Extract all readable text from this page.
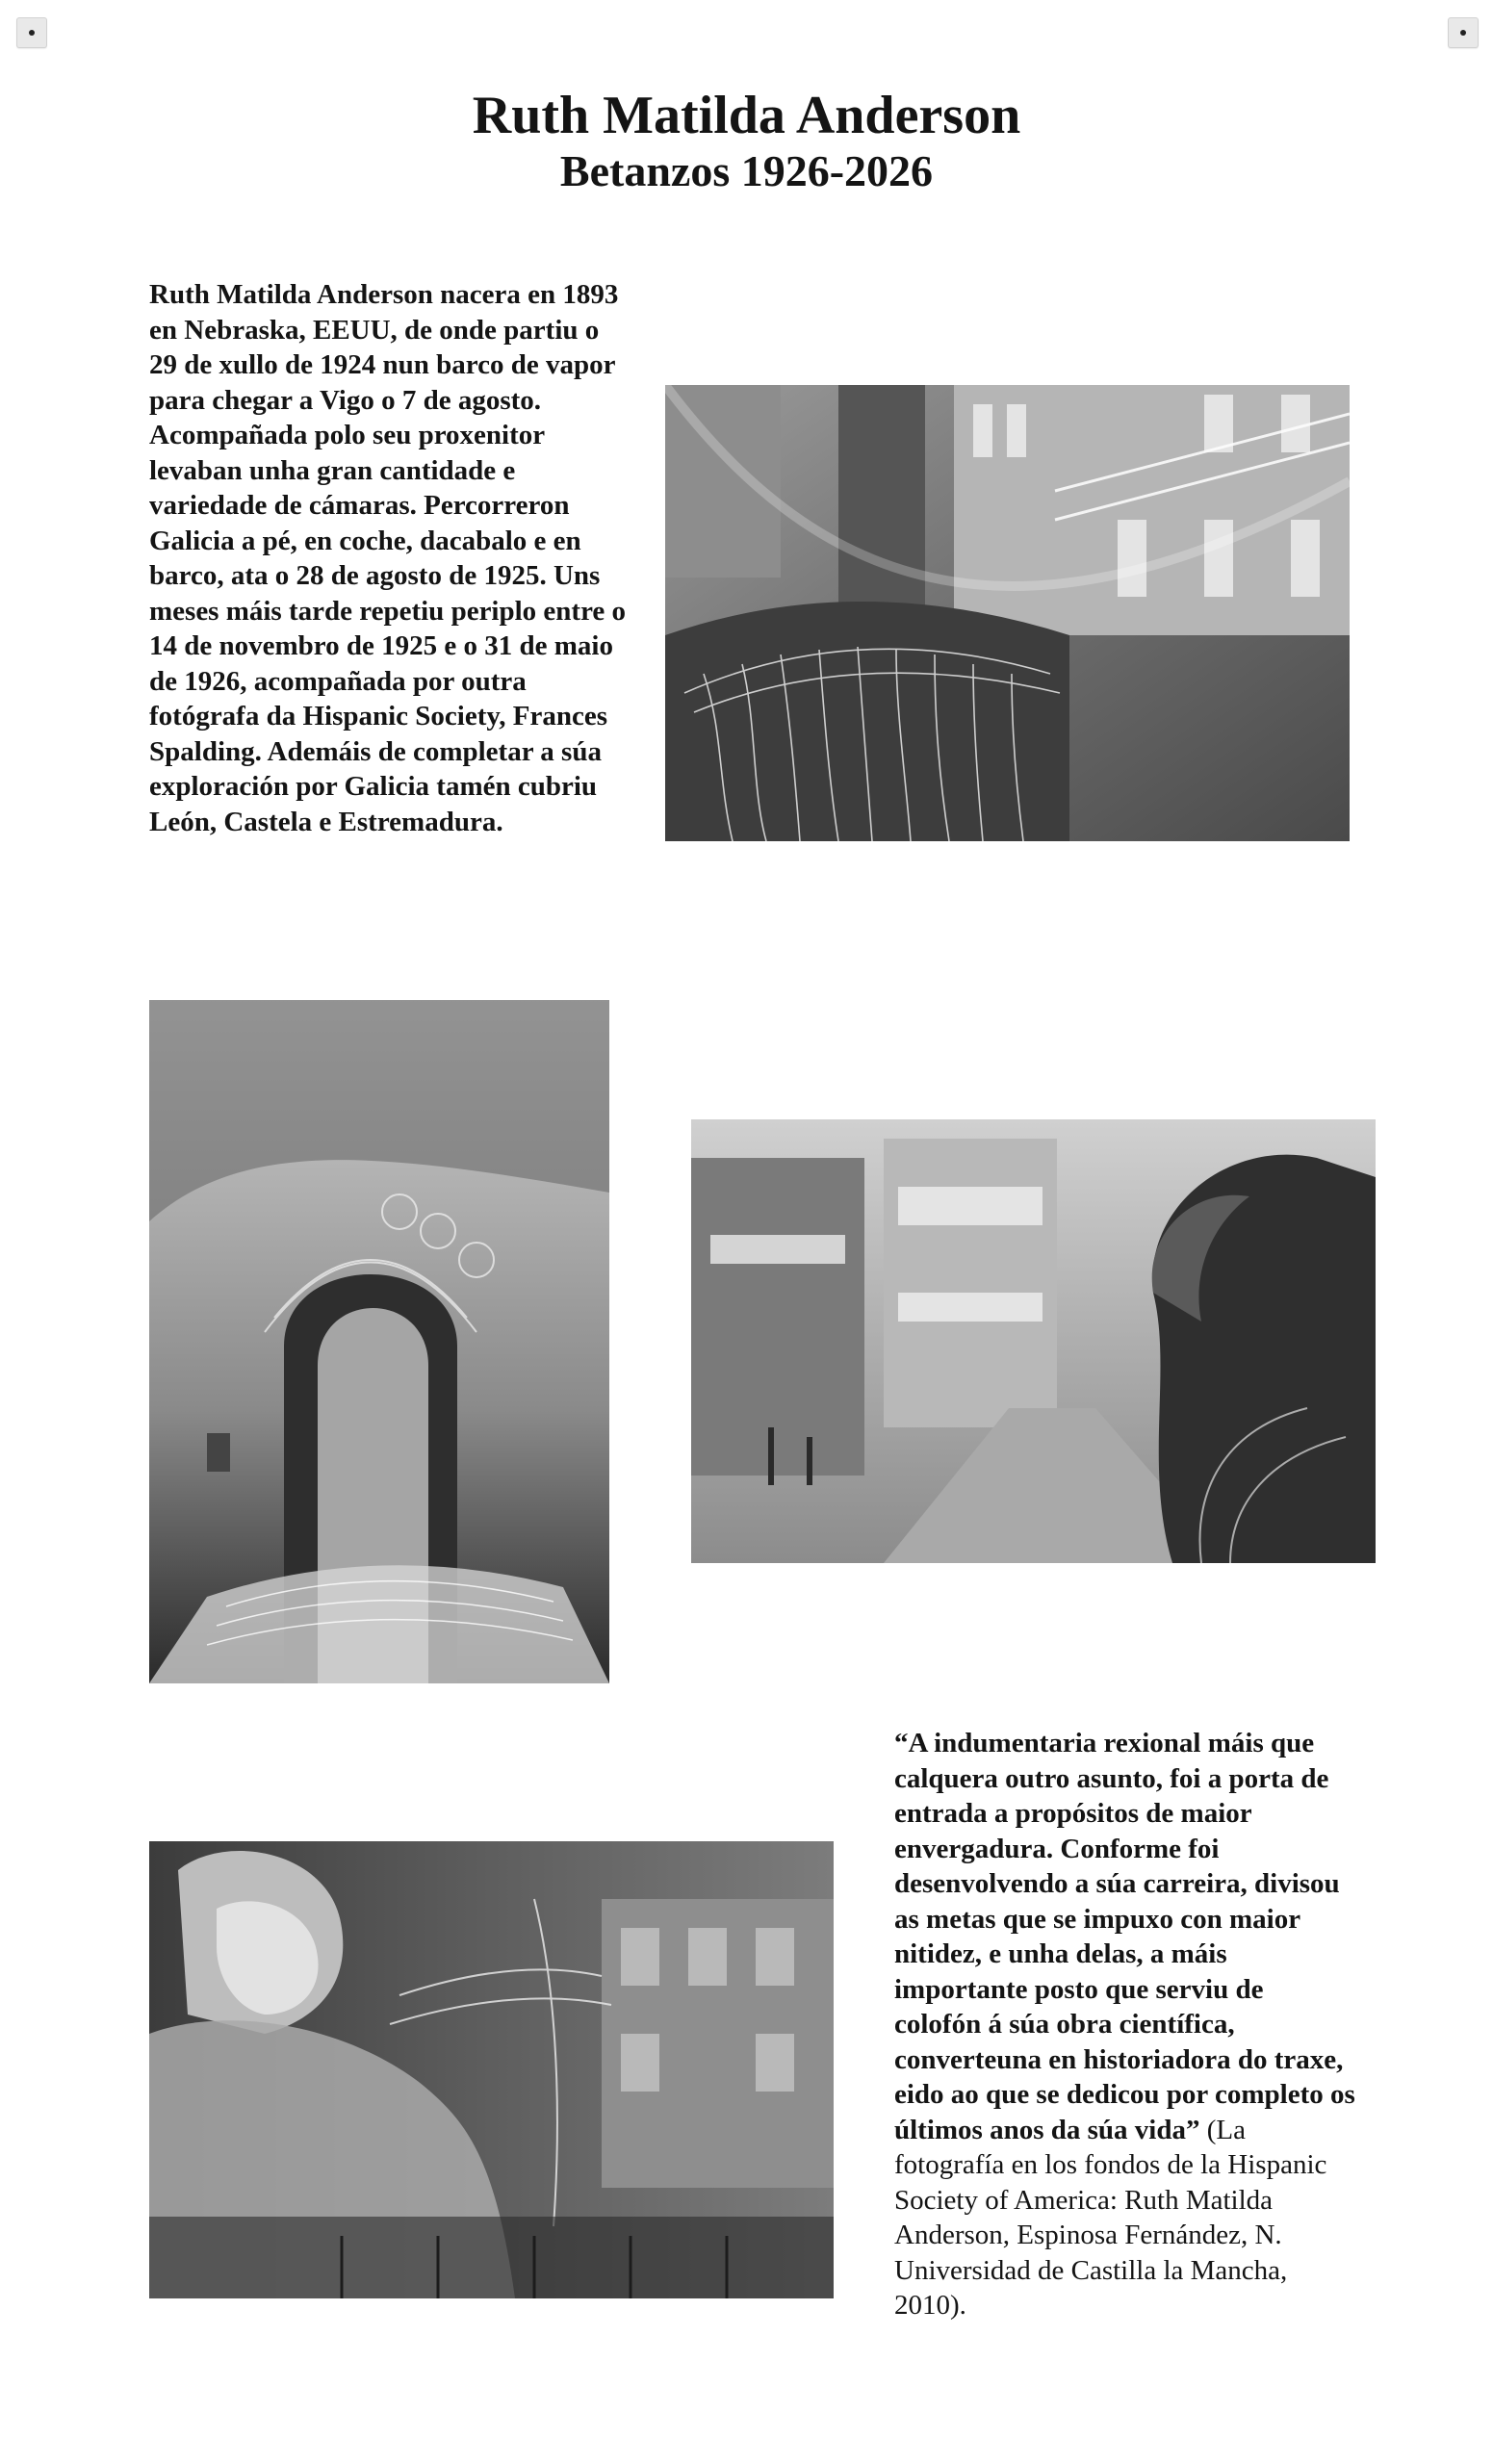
Ruth Matilda Anderson
Betanzos 1926-2026

Ruth Matilda Anderson nacera en 1893 en Nebraska, EEUU, de onde partiu o 29 de xullo de 1924 nun barco de vapor para chegar a Vigo o 7 de agosto. Acompañada polo seu proxenitor levaban unha gran cantidade e variedade de cámaras. Percorreron Galicia a pé, en coche, dacabalo e en barco, ata o 28 de agosto de 1925. Uns meses máis tarde repetiu periplo entre o 14 de novembro de 1925 e o 31 de maio de 1926, acompañada por outra fotógrafa da Hispanic Society, Frances Spalding. Ademáis de completar a súa exploración por Galicia tamén cubriu León, Castela e Estremadura.

“A indumentaria rexional máis que calquera outro asunto, foi a porta de entrada a propósitos de maior envergadura. Conforme foi desenvolvendo a súa carreira, divisou as metas que se impuxo con maior nitidez, e unha delas, a máis importante posto que serviu de colofón á súa obra científica, converteuna en historiadora do traxe, eido ao que se dedicou por completo os últimos anos da súa vida” (La fotografía en los fondos de la Hispanic Society of America: Ruth Matilda Anderson, Espinosa Fernández, N. Universidad de Castilla la Mancha, 2010).
